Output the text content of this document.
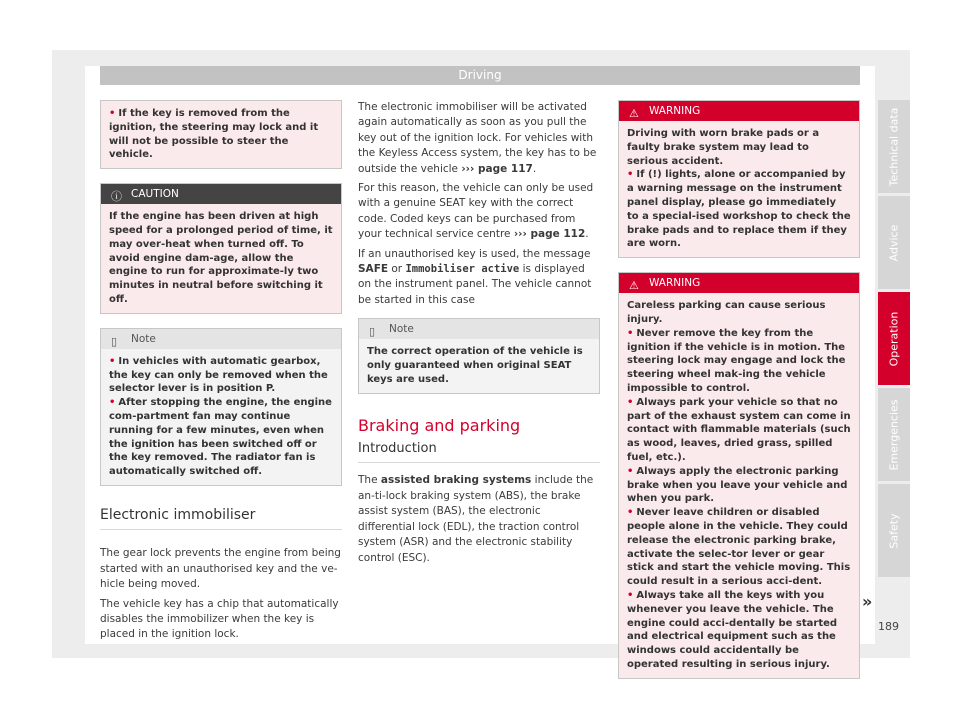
Driving
• If the key is removed from the ignition, the steering may lock and it will not be possible to steer the vehicle.
ⓘ CAUTION
If the engine has been driven at high speed for a prolonged period of time, it may over-heat when turned off. To avoid engine dam-age, allow the engine to run for approximate-ly two minutes in neutral before switching it off.
▯ Note
• In vehicles with automatic gearbox, the key can only be removed when the selector lever is in position P.
• After stopping the engine, the engine com-partment fan may continue running for a few minutes, even when the ignition has been switched off or the key removed. The radiator fan is automatically switched off.
Electronic immobiliser

The gear lock prevents the engine from being started with an unauthorised key and the ve-hicle being moved.

The vehicle key has a chip that automatically disables the immobilizer when the key is placed in the ignition lock.

The electronic immobiliser will be activated again automatically as soon as you pull the key out of the ignition lock. For vehicles with the Keyless Access system, the key has to be outside the vehicle ››› page 117.

For this reason, the vehicle can only be used with a genuine SEAT key with the correct code. Coded keys can be purchased from your technical service centre ››› page 112.

If an unauthorised key is used, the message SAFE or Immobiliser active is displayed on the instrument panel. The vehicle cannot be started in this case

▯ Note
The correct operation of the vehicle is only guaranteed when original SEAT keys are used.
Braking and parking
Introduction

The assisted braking systems include the an-ti-lock braking system (ABS), the brake assist system (BAS), the electronic differential lock (EDL), the traction control system (ASR) and the electronic stability control (ESC).

⚠ WARNING
Driving with worn brake pads or a faulty brake system may lead to serious accident.
• If (!) lights, alone or accompanied by a warning message on the instrument panel display, please go immediately to a special-ised workshop to check the brake pads and to replace them if they are worn.
⚠ WARNING
Careless parking can cause serious injury.
• Never remove the key from the ignition if the vehicle is in motion. The steering lock may engage and lock the steering wheel mak-ing the vehicle impossible to control.
• Always park your vehicle so that no part of the exhaust system can come in contact with flammable materials (such as wood, leaves, dried grass, spilled fuel, etc.).
• Always apply the electronic parking brake when you leave your vehicle and when you park.
• Never leave children or disabled people alone in the vehicle. They could release the electronic parking brake, activate the selec-tor lever or gear stick and start the vehicle moving. This could result in a serious acci-dent.
• Always take all the keys with you whenever you leave the vehicle. The engine could acci-dentally be started and electrical equipment such as the windows could accidentally be operated resulting in serious injury.
»
Technical data
Advice
Operation
Emergencies
Safety
189
